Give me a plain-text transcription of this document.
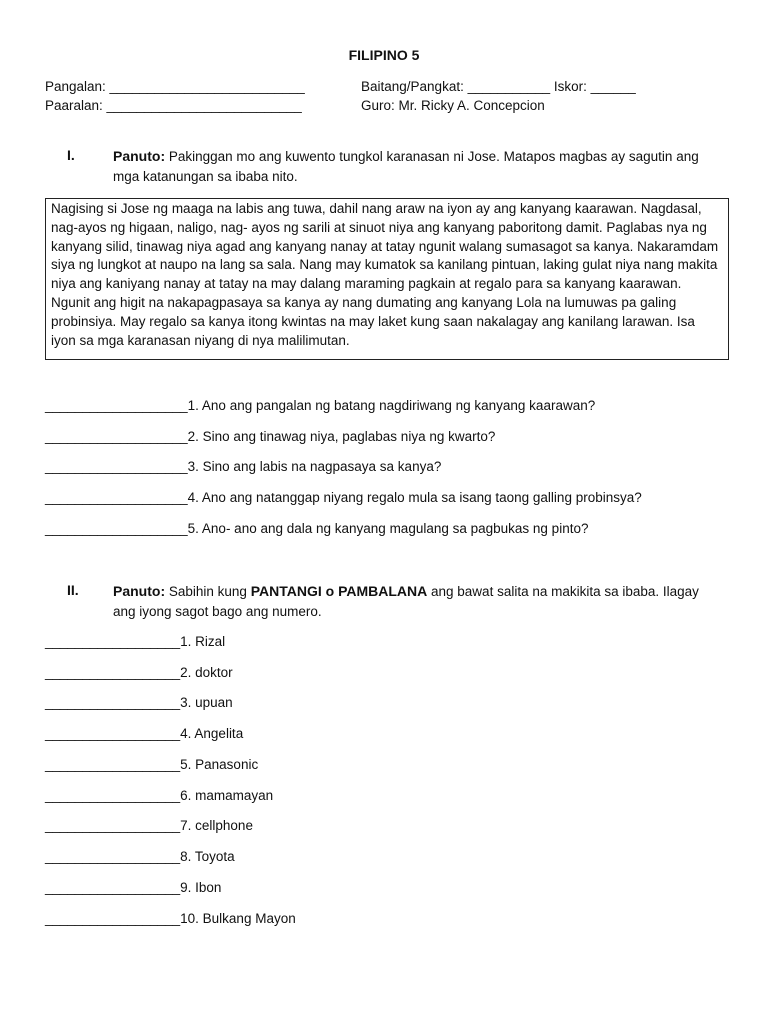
FILIPINO 5
Pangalan: __________________________
Paaralan: __________________________
Baitang/Pangkat: ___________ Iskor: ______
Guro: Mr. Ricky A. Concepcion
I.	Panuto: Pakinggan mo ang kuwento tungkol karanasan ni Jose. Matapos magbas ay sagutin ang mga katanungan sa ibaba nito.
Nagising si Jose ng maaga na labis ang tuwa, dahil nang araw na iyon ay ang kanyang kaarawan. Nagdasal, nag-ayos ng higaan, naligo, nag- ayos ng sarili at sinuot niya ang kanyang paboritong damit. Paglabas nya ng kanyang silid, tinawag niya agad ang kanyang nanay at tatay ngunit walang sumasagot sa kanya. Nakaramdam siya ng lungkot at naupo na lang sa sala. Nang may kumatok sa kanilang pintuan, laking gulat niya nang makita niya ang kaniyang nanay at tatay na may dalang maraming pagkain at regalo para sa kanyang kaarawan. Ngunit ang higit na nakapagpasaya sa kanya ay nang dumating ang kanyang Lola na lumuwas pa galing probinsiya. May regalo sa kanya itong kwintas na may laket kung saan nakalagay ang kanilang larawan. Isa iyon sa mga karanasan niyang di nya malilimutan.
___________________1. Ano ang pangalan ng batang nagdiriwang ng kanyang kaarawan?
___________________2. Sino ang tinawag niya, paglabas niya ng kwarto?
___________________3. Sino ang labis na nagpasaya sa kanya?
___________________4. Ano ang natanggap niyang regalo mula sa isang taong galling probinsya?
___________________5. Ano- ano ang dala ng kanyang magulang sa pagbukas ng pinto?
II. Panuto: Sabihin kung PANTANGI o PAMBALANA ang bawat salita na makikita sa ibaba. Ilagay ang iyong sagot bago ang numero.
__________________1. Rizal
__________________2. doktor
__________________3. upuan
__________________4. Angelita
__________________5. Panasonic
__________________6. mamamayan
__________________7. cellphone
__________________8. Toyota
__________________9. Ibon
__________________10. Bulkang Mayon
